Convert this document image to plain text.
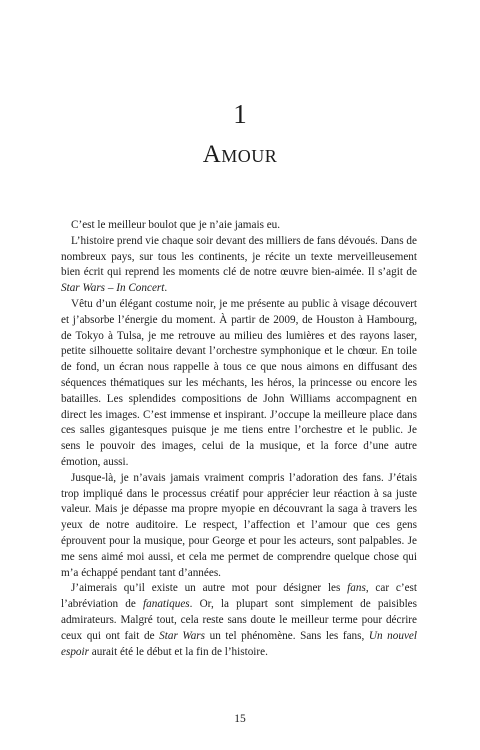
1
Amour

C’est le meilleur boulot que je n’aie jamais eu.

L’histoire prend vie chaque soir devant des milliers de fans dévoués. Dans de nombreux pays, sur tous les continents, je récite un texte merveilleusement bien écrit qui reprend les moments clé de notre œuvre bien-aimée. Il s’agit de Star Wars – In Concert.

Vêtu d’un élégant costume noir, je me présente au public à visage découvert et j’absorbe l’énergie du moment. À partir de 2009, de Houston à Hambourg, de Tokyo à Tulsa, je me retrouve au milieu des lumières et des rayons laser, petite silhouette solitaire devant l’orchestre symphonique et le chœur. En toile de fond, un écran nous rappelle à tous ce que nous aimons en diffusant des séquences thématiques sur les méchants, les héros, la princesse ou encore les batailles. Les splendides compositions de John Williams accompagnent en direct les images. C’est immense et inspirant. J’occupe la meilleure place dans ces salles gigantesques puisque je me tiens entre l’orchestre et le public. Je sens le pouvoir des images, celui de la musique, et la force d’une autre émotion, aussi.

Jusque-là, je n’avais jamais vraiment compris l’adoration des fans. J’étais trop impliqué dans le processus créatif pour apprécier leur réaction à sa juste valeur. Mais je dépasse ma propre myopie en découvrant la saga à travers les yeux de notre auditoire. Le respect, l’affection et l’amour que ces gens éprouvent pour la musique, pour George et pour les acteurs, sont palpables. Je me sens aimé moi aussi, et cela me permet de comprendre quelque chose qui m’a échappé pendant tant d’années.

J’aimerais qu’il existe un autre mot pour désigner les fans, car c’est l’abréviation de fanatiques. Or, la plupart sont simplement de paisibles admirateurs. Malgré tout, cela reste sans doute le meilleur terme pour décrire ceux qui ont fait de Star Wars un tel phénomène. Sans les fans, Un nouvel espoir aurait été le début et la fin de l’histoire.

15
